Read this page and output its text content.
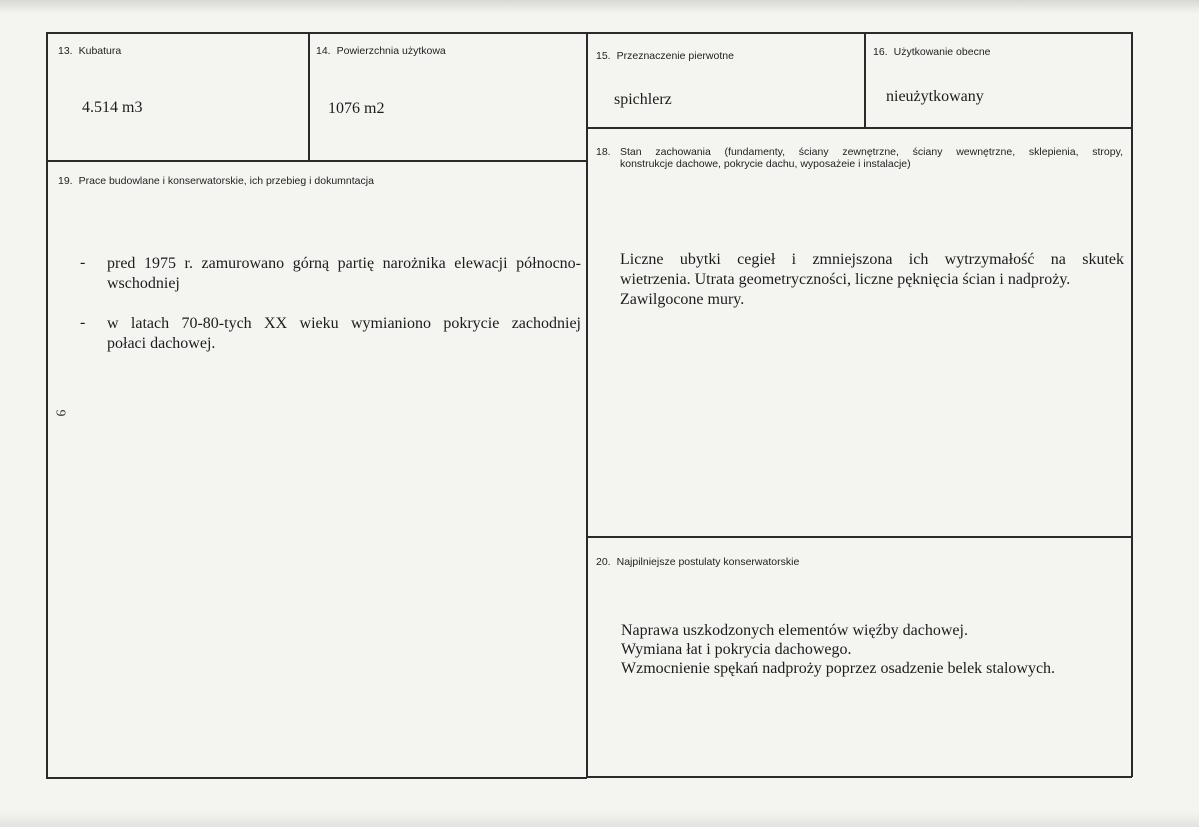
13. Kubatura
4.514 m3
14. Powierzchnia użytkowa
1076 m2
15. Przeznaczenie pierwotne
spichlerz
16. Użytkowanie obecne
nieużytkowany
18. Stan zachowania (fundamenty, ściany zewnętrzne, ściany wewnętrzne, sklepienia, stropy,
konstrukcje dachowe, pokrycie dachu, wyposażeie i instalacje)
Liczne ubytki cegieł i zmniejszona ich wytrzymałość na skutek
wietrzenia. Utrata geometryczności, liczne pęknięcia ścian i nadproży.
Zawilgocone mury.
19. Prace budowlane i konserwatorskie, ich przebieg i dokumntacja
- pred 1975 r. zamurowano górną partię narożnika elewacji północno-
wschodniej
- w latach 70-80-tych XX wieku wymianiono pokrycie zachodniej
połaci dachowej.
9
20. Najpilniejsze postulaty konserwatorskie
Naprawa uszkodzonych elementów więźby dachowej.
Wymiana łat i pokrycia dachowego.
Wzmocnienie spękań nadproży poprzez osadzenie belek stalowych.
